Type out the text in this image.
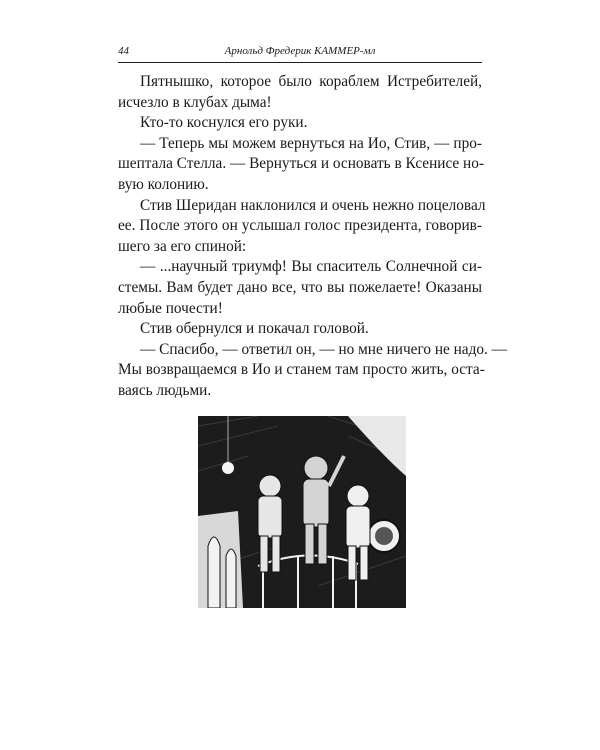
44	Арнольд Фредерик КАММЕР-мл
Пятнышко, которое было кораблем Истребителей,
исчезло в клубах дыма!
Кто-то коснулся его руки.
— Теперь мы можем вернуться на Ио, Стив, — про-
шептала Стелла. — Вернуться и основать в Ксенисе но-
вую колонию.
Стив Шеридан наклонился и очень нежно поцеловал
ее. После этого он услышал голос президента, говорив-
шего за его спиной:
— ...научный триумф! Вы спаситель Солнечной си-
стемы. Вам будет дано все, что вы пожелаете! Оказаны
любые почести!
Стив обернулся и покачал головой.
— Спасибо, — ответил он, — но мне ничего не надо. —
Мы возвращаемся в Ио и станем там просто жить, оста-
ваясь людьми.
